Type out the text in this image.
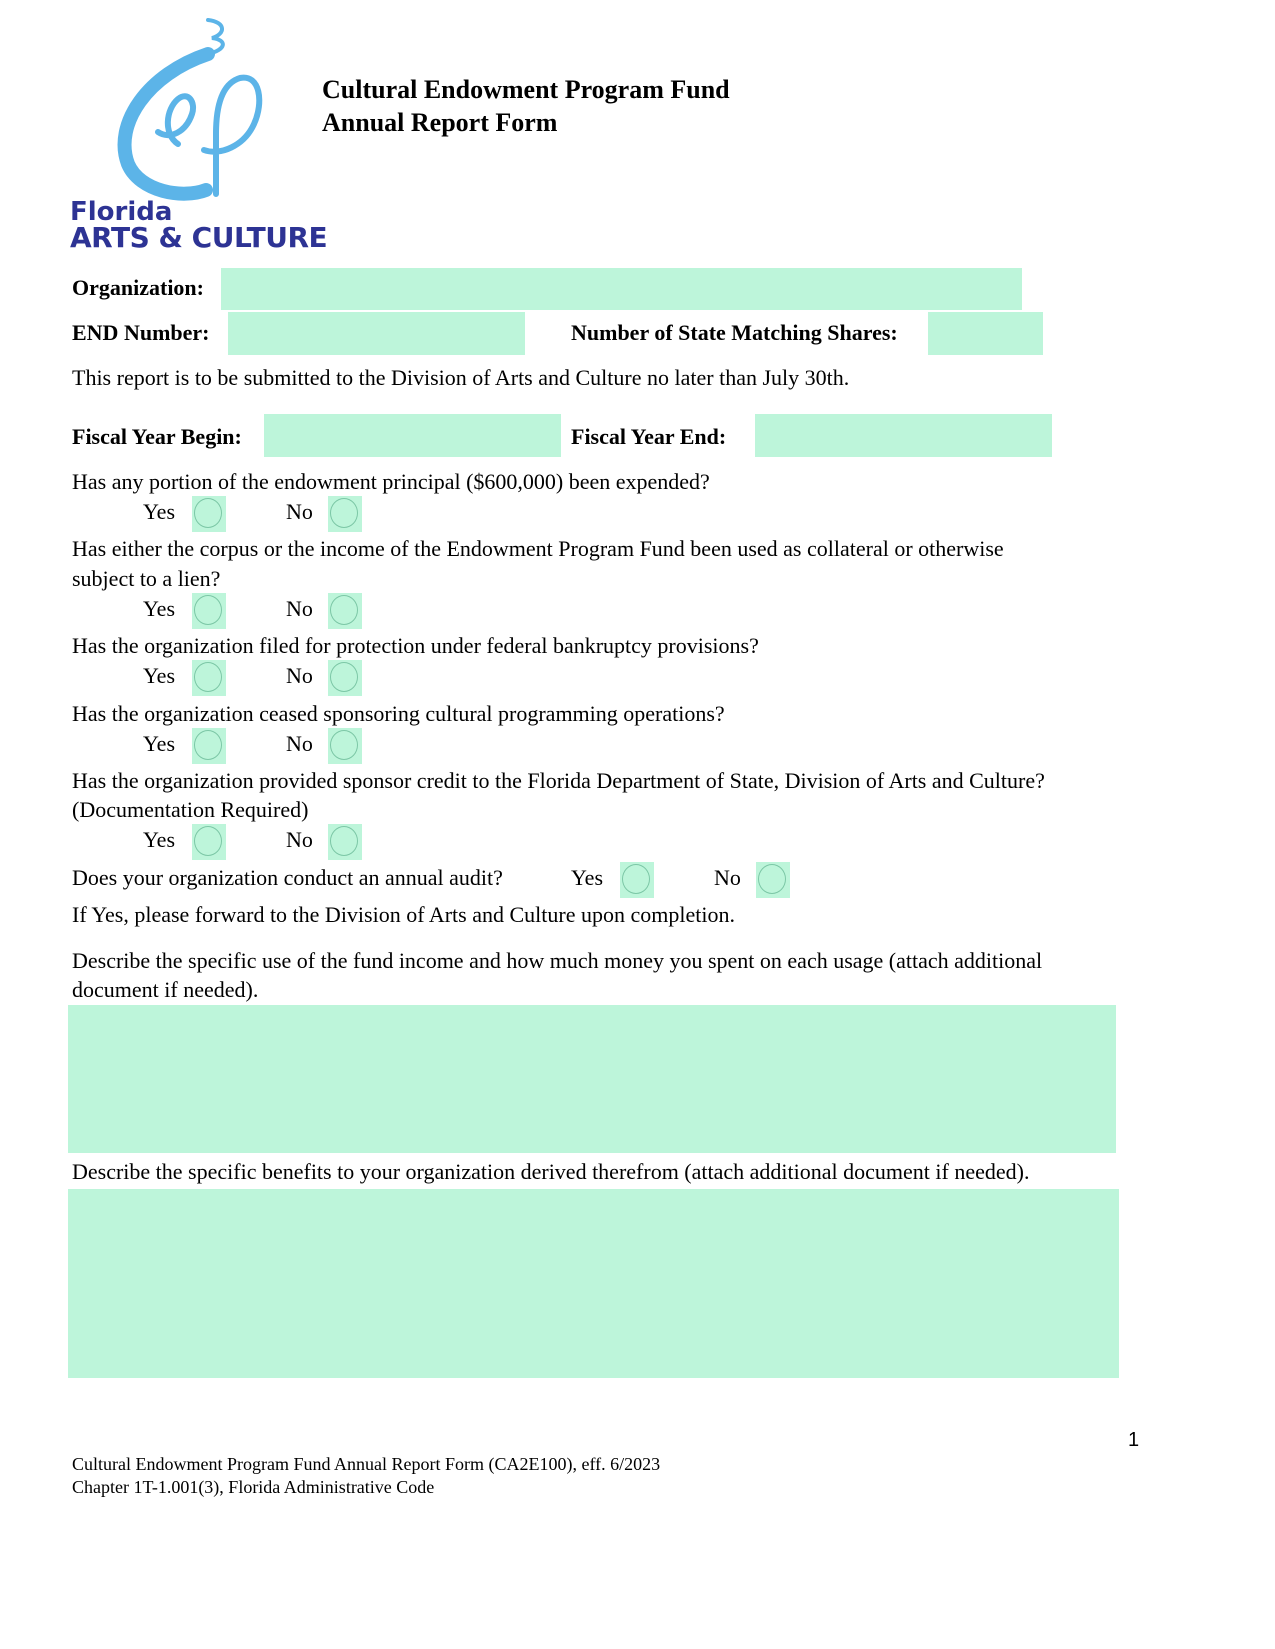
Florida
ARTS & CULTURE
Cultural Endowment Program Fund
Annual Report Form
Organization:
END Number:	Number of State Matching Shares:
This report is to be submitted to the Division of Arts and Culture no later than July 30th.
Fiscal Year Begin:	Fiscal Year End:
Has any portion of the endowment principal ($600,000) been expended?
Yes	No
Has either the corpus or the income of the Endowment Program Fund been used as collateral or otherwise
subject to a lien?
Yes	No
Has the organization filed for protection under federal bankruptcy provisions?
Yes	No
Has the organization ceased sponsoring cultural programming operations?
Yes	No
Has the organization provided sponsor credit to the Florida Department of State, Division of Arts and Culture?
(Documentation Required)
Yes	No
Does your organization conduct an annual audit?	Yes	No
If Yes, please forward to the Division of Arts and Culture upon completion.
Describe the specific use of the fund income and how much money you spent on each usage (attach additional
document if needed).
Describe the specific benefits to your organization derived therefrom (attach additional document if needed).
1
Cultural Endowment Program Fund Annual Report Form (CA2E100), eff. 6/2023
Chapter 1T-1.001(3), Florida Administrative Code
